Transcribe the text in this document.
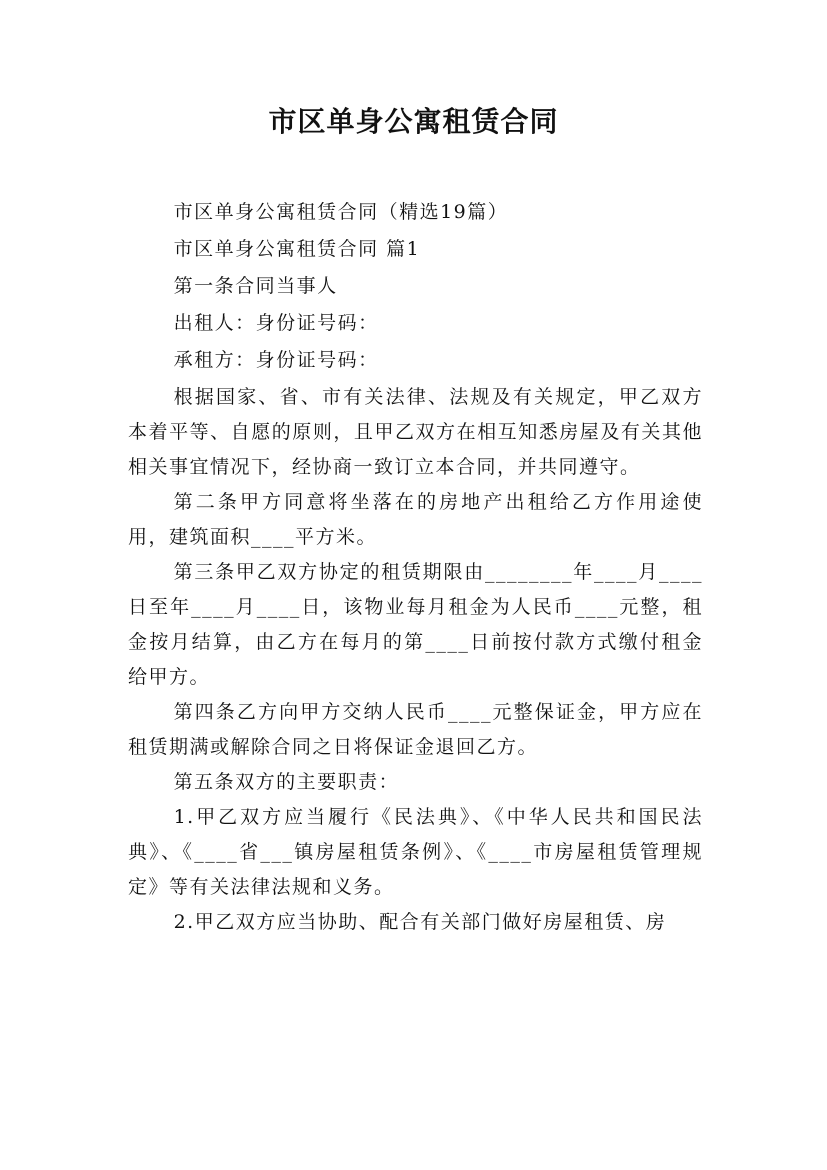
市区单身公寓租赁合同

市区单身公寓租赁合同（精选19篇）

市区单身公寓租赁合同 篇1

第一条合同当事人

出租人：身份证号码：

承租方：身份证号码：

根据国家、省、市有关法律、法规及有关规定，甲乙双方本着平等、自愿的原则，且甲乙双方在相互知悉房屋及有关其他相关事宜情况下，经协商一致订立本合同，并共同遵守。

第二条甲方同意将坐落在的房地产出租给乙方作用途使用，建筑面积____平方米。

第三条甲乙双方协定的租赁期限由________年____月____日至年____月____日，该物业每月租金为人民币____元整，租金按月结算，由乙方在每月的第____日前按付款方式缴付租金给甲方。

第四条乙方向甲方交纳人民币____元整保证金，甲方应在租赁期满或解除合同之日将保证金退回乙方。

第五条双方的主要职责：

1.甲乙双方应当履行《民法典》、《中华人民共和国民法典》、《____省___镇房屋租赁条例》、《____市房屋租赁管理规定》等有关法律法规和义务。

2.甲乙双方应当协助、配合有关部门做好房屋租赁、房
